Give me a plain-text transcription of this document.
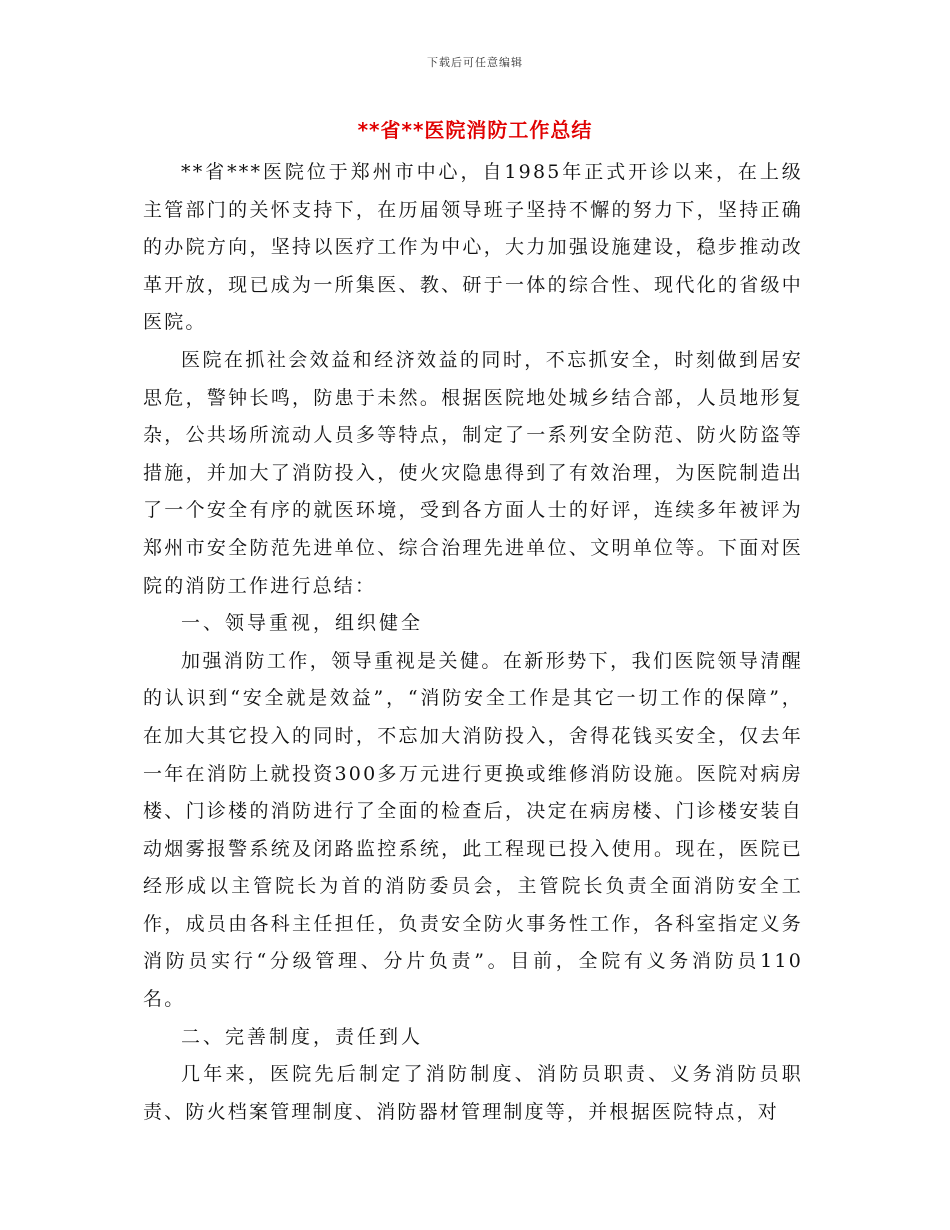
下载后可任意编辑
**省**医院消防工作总结

**省***医院位于郑州市中心，自1985年正式开诊以来，在上级主管部门的关怀支持下，在历届领导班子坚持不懈的努力下，坚持正确的办院方向，坚持以医疗工作为中心，大力加强设施建设，稳步推动改革开放，现已成为一所集医、教、研于一体的综合性、现代化的省级中医院。

医院在抓社会效益和经济效益的同时，不忘抓安全，时刻做到居安思危，警钟长鸣，防患于未然。根据医院地处城乡结合部，人员地形复杂，公共场所流动人员多等特点，制定了一系列安全防范、防火防盗等措施，并加大了消防投入，使火灾隐患得到了有效治理，为医院制造出了一个安全有序的就医环境，受到各方面人士的好评，连续多年被评为郑州市安全防范先进单位、综合治理先进单位、文明单位等。下面对医院的消防工作进行总结：

一、领导重视，组织健全

加强消防工作，领导重视是关健。在新形势下，我们医院领导清醒的认识到“安全就是效益”，“消防安全工作是其它一切工作的保障”，在加大其它投入的同时，不忘加大消防投入，舍得花钱买安全，仅去年一年在消防上就投资300多万元进行更换或维修消防设施。医院对病房楼、门诊楼的消防进行了全面的检查后，决定在病房楼、门诊楼安装自动烟雾报警系统及闭路监控系统，此工程现已投入使用。现在，医院已经形成以主管院长为首的消防委员会，主管院长负责全面消防安全工作，成员由各科主任担任，负责安全防火事务性工作，各科室指定义务消防员实行“分级管理、分片负责”。目前，全院有义务消防员110名。

二、完善制度，责任到人

几年来，医院先后制定了消防制度、消防员职责、义务消防员职责、防火档案管理制度、消防器材管理制度等，并根据医院特点，对
